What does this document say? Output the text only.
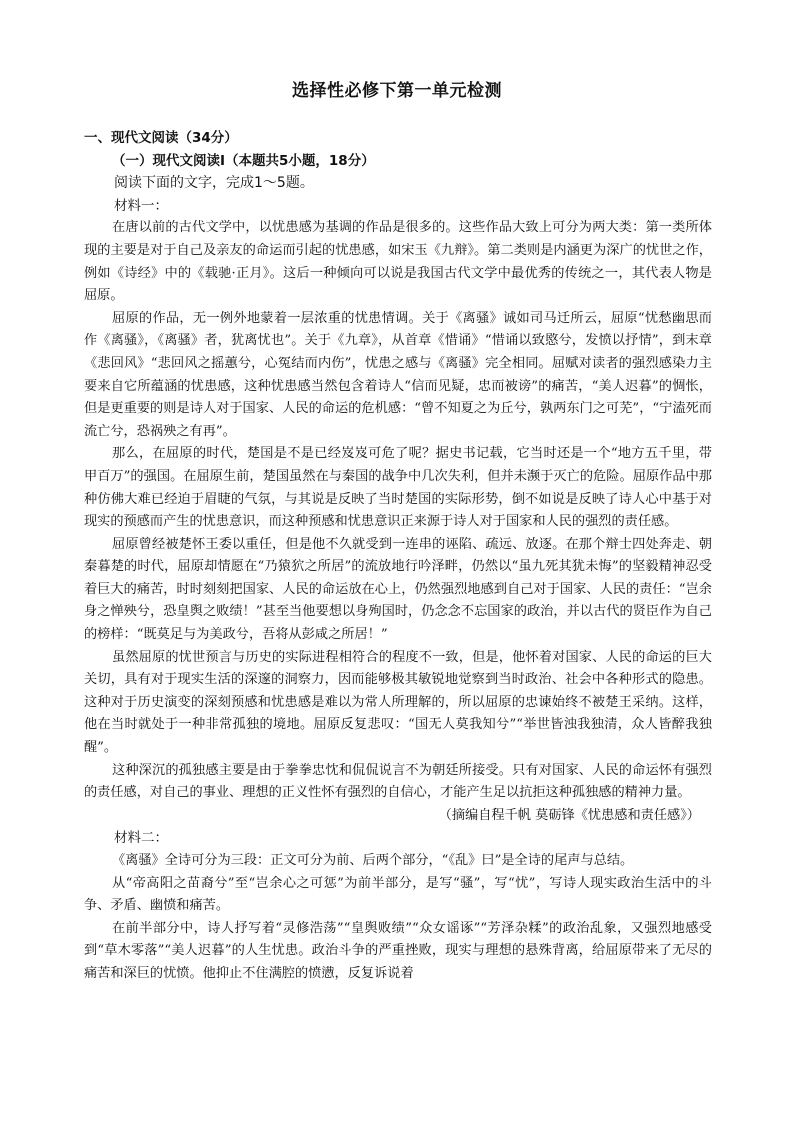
选择性必修下第一单元检测
一、现代文阅读（34分）
（一）现代文阅读Ⅰ（本题共5小题，18分）
阅读下面的文字，完成1～5题。
材料一：

在唐以前的古代文学中，以忧患感为基调的作品是很多的。这些作品大致上可分为两大类：第一类所体现的主要是对于自己及亲友的命运而引起的忧患感，如宋玉《九辩》。第二类则是内涵更为深广的忧世之作，例如《诗经》中的《载驰·正月》。这后一种倾向可以说是我国古代文学中最优秀的传统之一，其代表人物是屈原。

屈原的作品，无一例外地蒙着一层浓重的忧患情调。关于《离骚》诚如司马迁所云，屈原“忧愁幽思而作《离骚》，《离骚》者，犹离忧也”。关于《九章》，从首章《惜诵》“惜诵以致愍兮，发愤以抒情”，到末章《悲回风》“悲回风之摇蕙兮，心冤结而内伤”，忧患之感与《离骚》完全相同。屈赋对读者的强烈感染力主要来自它所蕴涵的忧患感，这种忧患感当然包含着诗人“信而见疑，忠而被谤”的痛苦，“美人迟暮”的惆怅，但是更重要的则是诗人对于国家、人民的命运的危机感：“曾不知夏之为丘兮，孰两东门之可芜”，“宁溘死而流亡兮，恐祸殃之有再”。

那么，在屈原的时代，楚国是不是已经岌岌可危了呢？据史书记载，它当时还是一个“地方五千里，带甲百万”的强国。在屈原生前，楚国虽然在与秦国的战争中几次失利，但并未濒于灭亡的危险。屈原作品中那种仿佛大难已经迫于眉睫的气氛，与其说是反映了当时楚国的实际形势，倒不如说是反映了诗人心中基于对现实的预感而产生的忧患意识，而这种预感和忧患意识正来源于诗人对于国家和人民的强烈的责任感。

屈原曾经被楚怀王委以重任，但是他不久就受到一连串的诬陷、疏远、放逐。在那个辩士四处奔走、朝秦暮楚的时代，屈原却情愿在“乃猿狖之所居”的流放地行吟泽畔，仍然以“虽九死其犹未悔”的坚毅精神忍受着巨大的痛苦，时时刻刻把国家、人民的命运放在心上，仍然强烈地感到自己对于国家、人民的责任：“岂余身之惮殃兮，恐皇舆之败绩！”甚至当他要想以身殉国时，仍念念不忘国家的政治，并以古代的贤臣作为自己的榜样：“既莫足与为美政兮，吾将从彭咸之所居！”

虽然屈原的忧世预言与历史的实际进程相符合的程度不一致，但是，他怀着对国家、人民的命运的巨大关切，具有对于现实生活的深邃的洞察力，因而能够极其敏锐地觉察到当时政治、社会中各种形式的隐患。这种对于历史演变的深刻预感和忧患感是难以为常人所理解的，所以屈原的忠谏始终不被楚王采纳。这样，他在当时就处于一种非常孤独的境地。屈原反复悲叹：“国无人莫我知兮”“举世皆浊我独清，众人皆醉我独醒”。

这种深沉的孤独感主要是由于拳拳忠忱和侃侃说言不为朝廷所接受。只有对国家、人民的命运怀有强烈的责任感，对自己的事业、理想的正义性怀有强烈的自信心，才能产生足以抗拒这种孤独感的精神力量。

（摘编自程千帆 莫砺锋《忧患感和责任感》）
材料二：

《离骚》全诗可分为三段：正文可分为前、后两个部分，“《乱》曰”是全诗的尾声与总结。

从“帝高阳之苗裔兮”至“岂余心之可惩”为前半部分，是写“骚”，写“忧”，写诗人现实政治生活中的斗争、矛盾、幽愤和痛苦。

在前半部分中，诗人抒写着“灵修浩荡”“皇舆败绩”“众女谣诼”“芳泽杂糅”的政治乱象，又强烈地感受到“草木零落”“美人迟暮”的人生忧患。政治斗争的严重挫败，现实与理想的悬殊背离，给屈原带来了无尽的痛苦和深巨的忧愤。他抑止不住满腔的愤懑，反复诉说着
